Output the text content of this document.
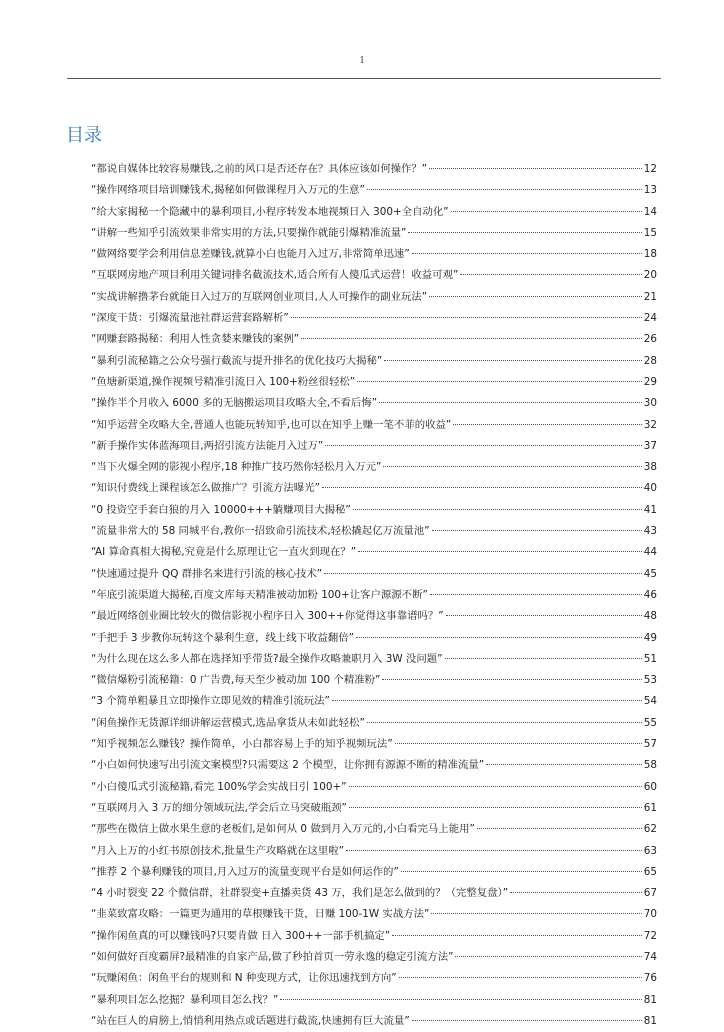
1
目录
“都说自媒体比较容易赚钱,之前的风口是否还存在？具体应该如何操作？”	12
“操作网络项目培训赚钱术,揭秘如何做课程月入万元的生意”	13
“给大家揭秘一个隐藏中的暴利项目,小程序转发本地视频日入 300+全自动化”	14
“讲解一些知乎引流效果非常实用的方法,只要操作就能引爆精准流量”	15
“做网络要学会利用信息差赚钱,就算小白也能月入过万,非常简单迅速”	18
“互联网房地产项目利用关键词排名截流技术,适合所有人傻瓜式运营！收益可观”	20
“实战讲解撸茅台就能日入过万的互联网创业项目,人人可操作的副业玩法”	21
“深度干货：引爆流量池社群运营套路解析”	24
“网赚套路揭秘：利用人性贪婪来赚钱的案例”	26
“暴利引流秘籍之公众号强行截流与提升排名的优化技巧大揭秘”	28
“鱼塘新渠道,操作视频号精准引流日入 100+粉丝很轻松”	29
“操作半个月收入 6000 多的无脑搬运项目攻略大全,不看后悔”	30
“知乎运营全攻略大全,普通人也能玩转知乎,也可以在知乎上赚一笔不菲的收益”	32
“新手操作实体蓝海项目,两招引流方法能月入过万”	37
“当下火爆全网的影视小程序,18 种推广技巧然你轻松月入万元”	38
“知识付费线上课程该怎么做推广？引流方法曝光”	40
“0 投资空手套白狼的月入 10000+++躺赚项目大揭秘”	41
“流量非常大的 58 同城平台,教你一招致命引流技术,轻松撬起亿万流量池”	43
“AI 算命真相大揭秘,究竟是什么原理让它一直火到现在？”	44
“快速通过提升 QQ 群排名来进行引流的核心技术”	45
“年底引流渠道大揭秘,百度文库每天精准被动加粉 100+让客户源源不断”	46
“最近网络创业圈比较火的微信影视小程序日入 300++你觉得这事靠谱吗？”	48
“手把手 3 步教你玩转这个暴利生意，线上线下收益翻倍”	49
“为什么现在这么多人都在选择知乎带货?最全操作攻略兼职月入 3W 没问题”	51
“微信爆粉引流秘籍：0 广告费,每天至少被动加 100 个精准粉”	53
“3 个简单粗暴且立即操作立即见效的精准引流玩法”	54
“闲鱼操作无货源详细讲解运营模式,选品拿货从未如此轻松”	55
“知乎视频怎么赚钱？操作简单，小白都容易上手的知乎视频玩法”	57
“小白如何快速写出引流文案模型?只需要这 2 个模型，让你拥有源源不断的精准流量”	58
“小白傻瓜式引流秘籍,看完 100%学会实战日引 100+”	60
“互联网月入 3 万的细分领域玩法,学会后立马突破瓶颈”	61
“那些在微信上做水果生意的老板们,是如何从 0 做到月入万元的,小白看完马上能用”	62
“月入上万的小红书原创技术,批量生产攻略就在这里啦”	63
“推荐 2 个暴利赚钱的项目,月入过万的流量变现平台是如何运作的”	65
“4 小时裂变 22 个微信群，社群裂变+直播卖货 43 万，我们是怎么做到的？（完整复盘）”	67
“韭菜致富攻略：一篇更为通用的草根赚钱干货，日赚 100-1W 实战方法”	70
“操作闲鱼真的可以赚钱吗?只要肯做 日入 300++一部手机搞定”	72
“如何做好百度霸屏?最精准的自家产品,做了秒拍首页一劳永逸的稳定引流方法”	74
“玩赚闲鱼：闲鱼平台的规则和 N 种变现方式，让你迅速找到方向”	76
“暴利项目怎么挖掘？暴利项目怎么找？”	81
“站在巨人的肩膀上,悄悄利用热点或话题进行截流,快速拥有巨大流量”	81
